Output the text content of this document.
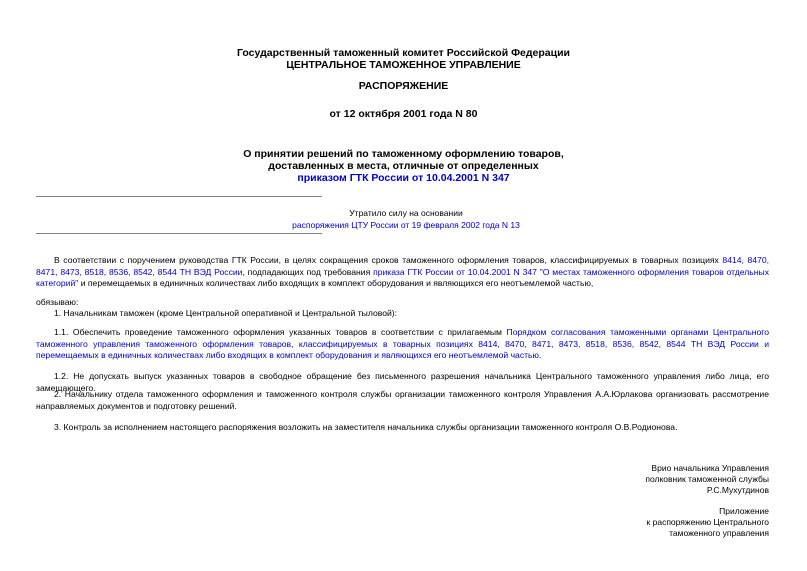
Государственный таможенный комитет Российской Федерации
ЦЕНТРАЛЬНОЕ ТАМОЖЕННОЕ УПРАВЛЕНИЕ
РАСПОРЯЖЕНИЕ
от 12 октября 2001 года N 80
О принятии решений по таможенному оформлению товаров,
доставленных в места, отличные от определенных
приказом ГТК России от 10.04.2001 N 347
Утратило силу на основании
распоряжения ЦТУ России от 19 февраля 2002 года N 13
В соответствии с поручением руководства ГТК России, в целях сокращения сроков таможенного оформления товаров, классифицируемых в товарных позициях 8414, 8470, 8471, 8473, 8518, 8536, 8542, 8544 ТН ВЭД России, подпадающих под требования приказа ГТК России от 10.04.2001 N 347 "О местах таможенного оформления товаров отдельных категорий" и перемещаемых в единичных количествах либо входящих в комплект оборудования и являющихся его неотъемлемой частью,
обязываю:
1. Начальникам таможен (кроме Центральной оперативной и Центральной тыловой):
1.1. Обеспечить проведение таможенного оформления указанных товаров в соответствии с прилагаемым Порядком согласования таможенными органами Центрального таможенного управления таможенного оформления товаров, классифицируемых в товарных позициях 8414, 8470, 8471, 8473, 8518, 8536, 8542, 8544 ТН ВЭД России и перемещаемых в единичных количествах либо входящих в комплект оборудования и являющихся его неотъемлемой частью.
1.2. Не допускать выпуск указанных товаров в свободное обращение без письменного разрешения начальника Центрального таможенного управления либо лица, его замещающего.
2. Начальнику отдела таможенного оформления и таможенного контроля службы организации таможенного контроля Управления А.А.Юрлакова организовать рассмотрение направляемых документов и подготовку решений.
3. Контроль за исполнением настоящего распоряжения возложить на заместителя начальника службы организации таможенного контроля О.В.Родионова.
Врио начальника Управления
полковник таможенной службы
Р.С.Мухутдинов
Приложение
к распоряжению Центрального
таможенного управления
